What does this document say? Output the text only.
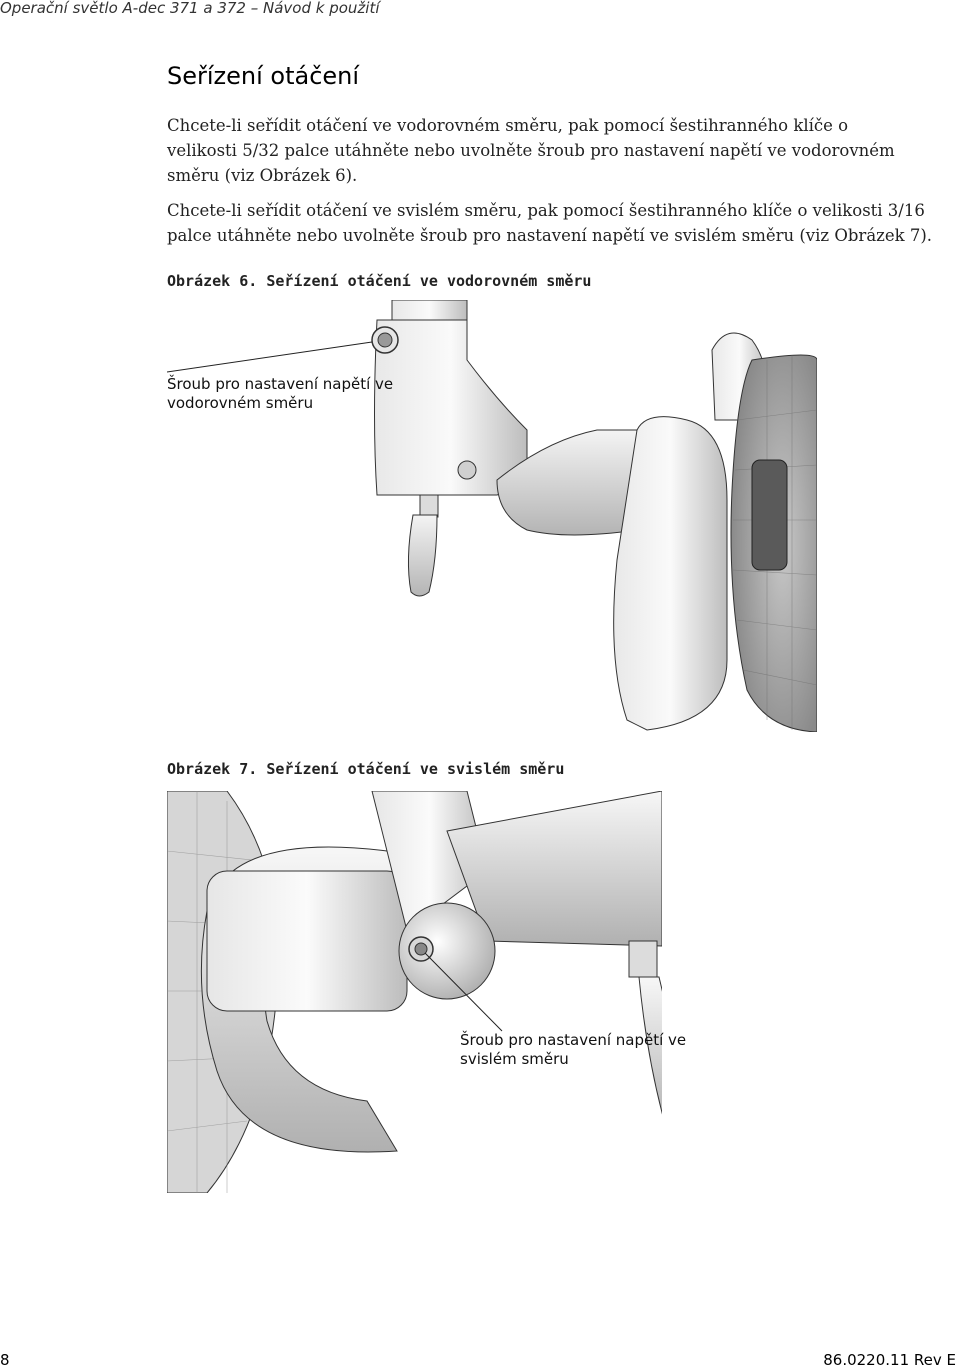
Operační světlo A-dec 371 a 372 – Návod k použití
Seřízení otáčení

Chcete-li seřídit otáčení ve vodorovném směru, pak pomocí šestihranného klíče o velikosti 5/32 palce utáhněte nebo uvolněte šroub pro nastavení napětí ve vodorovném směru (viz Obrázek 6).

Chcete-li seřídit otáčení ve svislém směru, pak pomocí šestihranného klíče o velikosti 3/16 palce utáhněte nebo uvolněte šroub pro nastavení napětí ve svislém směru (viz Obrázek 7).

Obrázek 6. Seřízení otáčení ve vodorovném směru
Šroub pro nastavení napětí ve vodorovném směru
Obrázek 7. Seřízení otáčení ve svislém směru
Šroub pro nastavení napětí ve svislém směru
8	86.0220.11 Rev E
